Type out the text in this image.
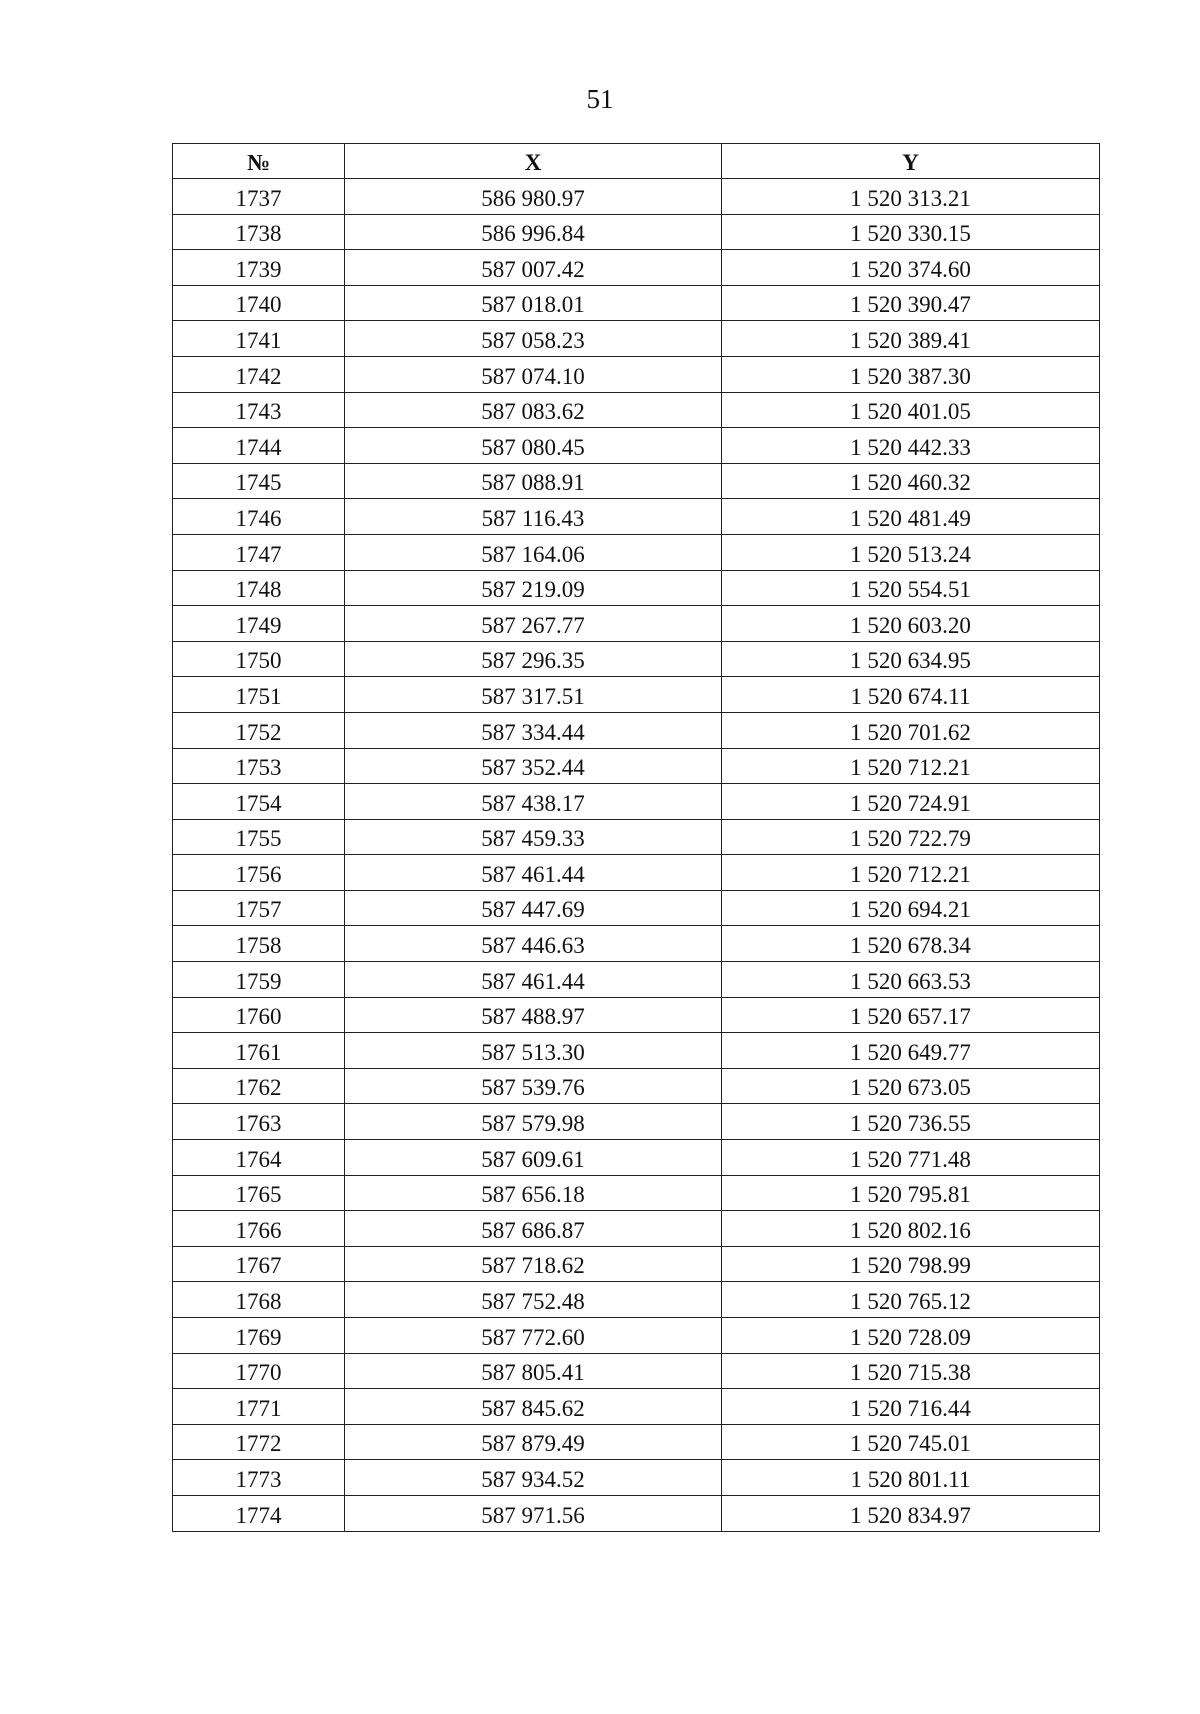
51
№	X	Y
1737	586 980.97	1 520 313.21
1738	586 996.84	1 520 330.15
1739	587 007.42	1 520 374.60
1740	587 018.01	1 520 390.47
1741	587 058.23	1 520 389.41
1742	587 074.10	1 520 387.30
1743	587 083.62	1 520 401.05
1744	587 080.45	1 520 442.33
1745	587 088.91	1 520 460.32
1746	587 116.43	1 520 481.49
1747	587 164.06	1 520 513.24
1748	587 219.09	1 520 554.51
1749	587 267.77	1 520 603.20
1750	587 296.35	1 520 634.95
1751	587 317.51	1 520 674.11
1752	587 334.44	1 520 701.62
1753	587 352.44	1 520 712.21
1754	587 438.17	1 520 724.91
1755	587 459.33	1 520 722.79
1756	587 461.44	1 520 712.21
1757	587 447.69	1 520 694.21
1758	587 446.63	1 520 678.34
1759	587 461.44	1 520 663.53
1760	587 488.97	1 520 657.17
1761	587 513.30	1 520 649.77
1762	587 539.76	1 520 673.05
1763	587 579.98	1 520 736.55
1764	587 609.61	1 520 771.48
1765	587 656.18	1 520 795.81
1766	587 686.87	1 520 802.16
1767	587 718.62	1 520 798.99
1768	587 752.48	1 520 765.12
1769	587 772.60	1 520 728.09
1770	587 805.41	1 520 715.38
1771	587 845.62	1 520 716.44
1772	587 879.49	1 520 745.01
1773	587 934.52	1 520 801.11
1774	587 971.56	1 520 834.97
